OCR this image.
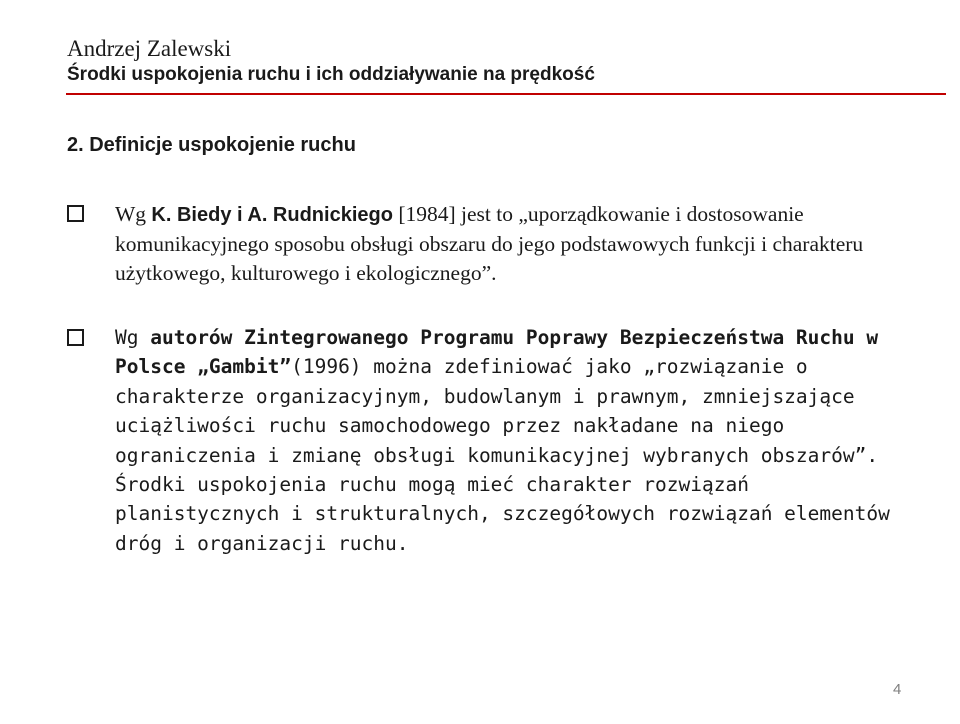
Andrzej Zalewski
Środki uspokojenia ruchu i ich oddziaływanie na prędkość
2. Definicje uspokojenie ruchu

Wg K. Biedy i A. Rudnickiego [1984] jest to „uporządkowanie i dostosowanie komunikacyjnego sposobu obsługi obszaru do jego podstawowych funkcji i charakteru użytkowego, kulturowego i ekologicznego”.

Wg autorów Zintegrowanego Programu Poprawy Bezpieczeństwa Ruchu w Polsce „Gambit”(1996) można zdefiniować jako „rozwiązanie o charakterze organizacyjnym, budowlanym i prawnym, zmniejszające uciążliwości ruchu samochodowego przez nakładane na niego ograniczenia i zmianę obsługi komunikacyjnej wybranych obszarów”. Środki uspokojenia ruchu mogą mieć charakter rozwiązań planistycznych i strukturalnych, szczegółowych rozwiązań elementów dróg i organizacji ruchu.

4
